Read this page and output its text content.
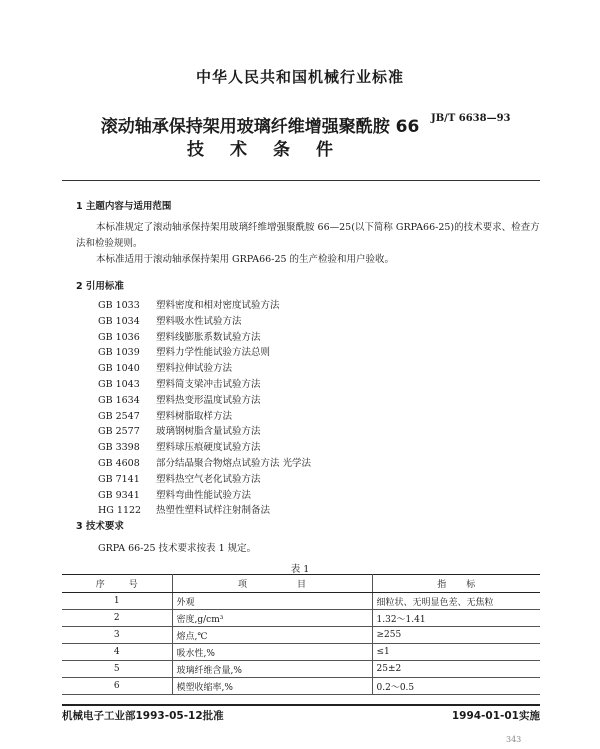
中华人民共和国机械行业标准
滚动轴承保持架用玻璃纤维增强聚酰胺 66
技术条件
JB/T 6638—93
1 主题内容与适用范围
本标准规定了滚动轴承保持架用玻璃纤维增强聚酰胺 66—25(以下简称 GRPA66-25)的技术要求、检查方法和检验规则。
本标准适用于滚动轴承保持架用 GRPA66-25 的生产检验和用户验收。
2 引用标准
GB 1033 塑料密度和相对密度试验方法
GB 1034 塑料吸水性试验方法
GB 1036 塑料线膨胀系数试验方法
GB 1039 塑料力学性能试验方法总则
GB 1040 塑料拉伸试验方法
GB 1043 塑料简支梁冲击试验方法
GB 1634 塑料热变形温度试验方法
GB 2547 塑料树脂取样方法
GB 2577 玻璃钢树脂含量试验方法
GB 3398 塑料球压痕硬度试验方法
GB 4608 部分结晶聚合物熔点试验方法 光学法
GB 7141 塑料热空气老化试验方法
GB 9341 塑料弯曲性能试验方法
HG 1122 热塑性塑料试样注射制备法
3 技术要求
GRPA 66-25 技术要求按表 1 规定。
表 1
序号	项目	指标
1	外观	细粒状、无明显色差、无焦粒
2	密度,g/cm³	1.32～1.41
3	熔点,℃	≥255
4	吸水性,%	≤1
5	玻璃纤维含量,%	25±2
6	模塑收缩率,%	0.2～0.5
机械电子工业部1993-05-12批准	1994-01-01实施
343
